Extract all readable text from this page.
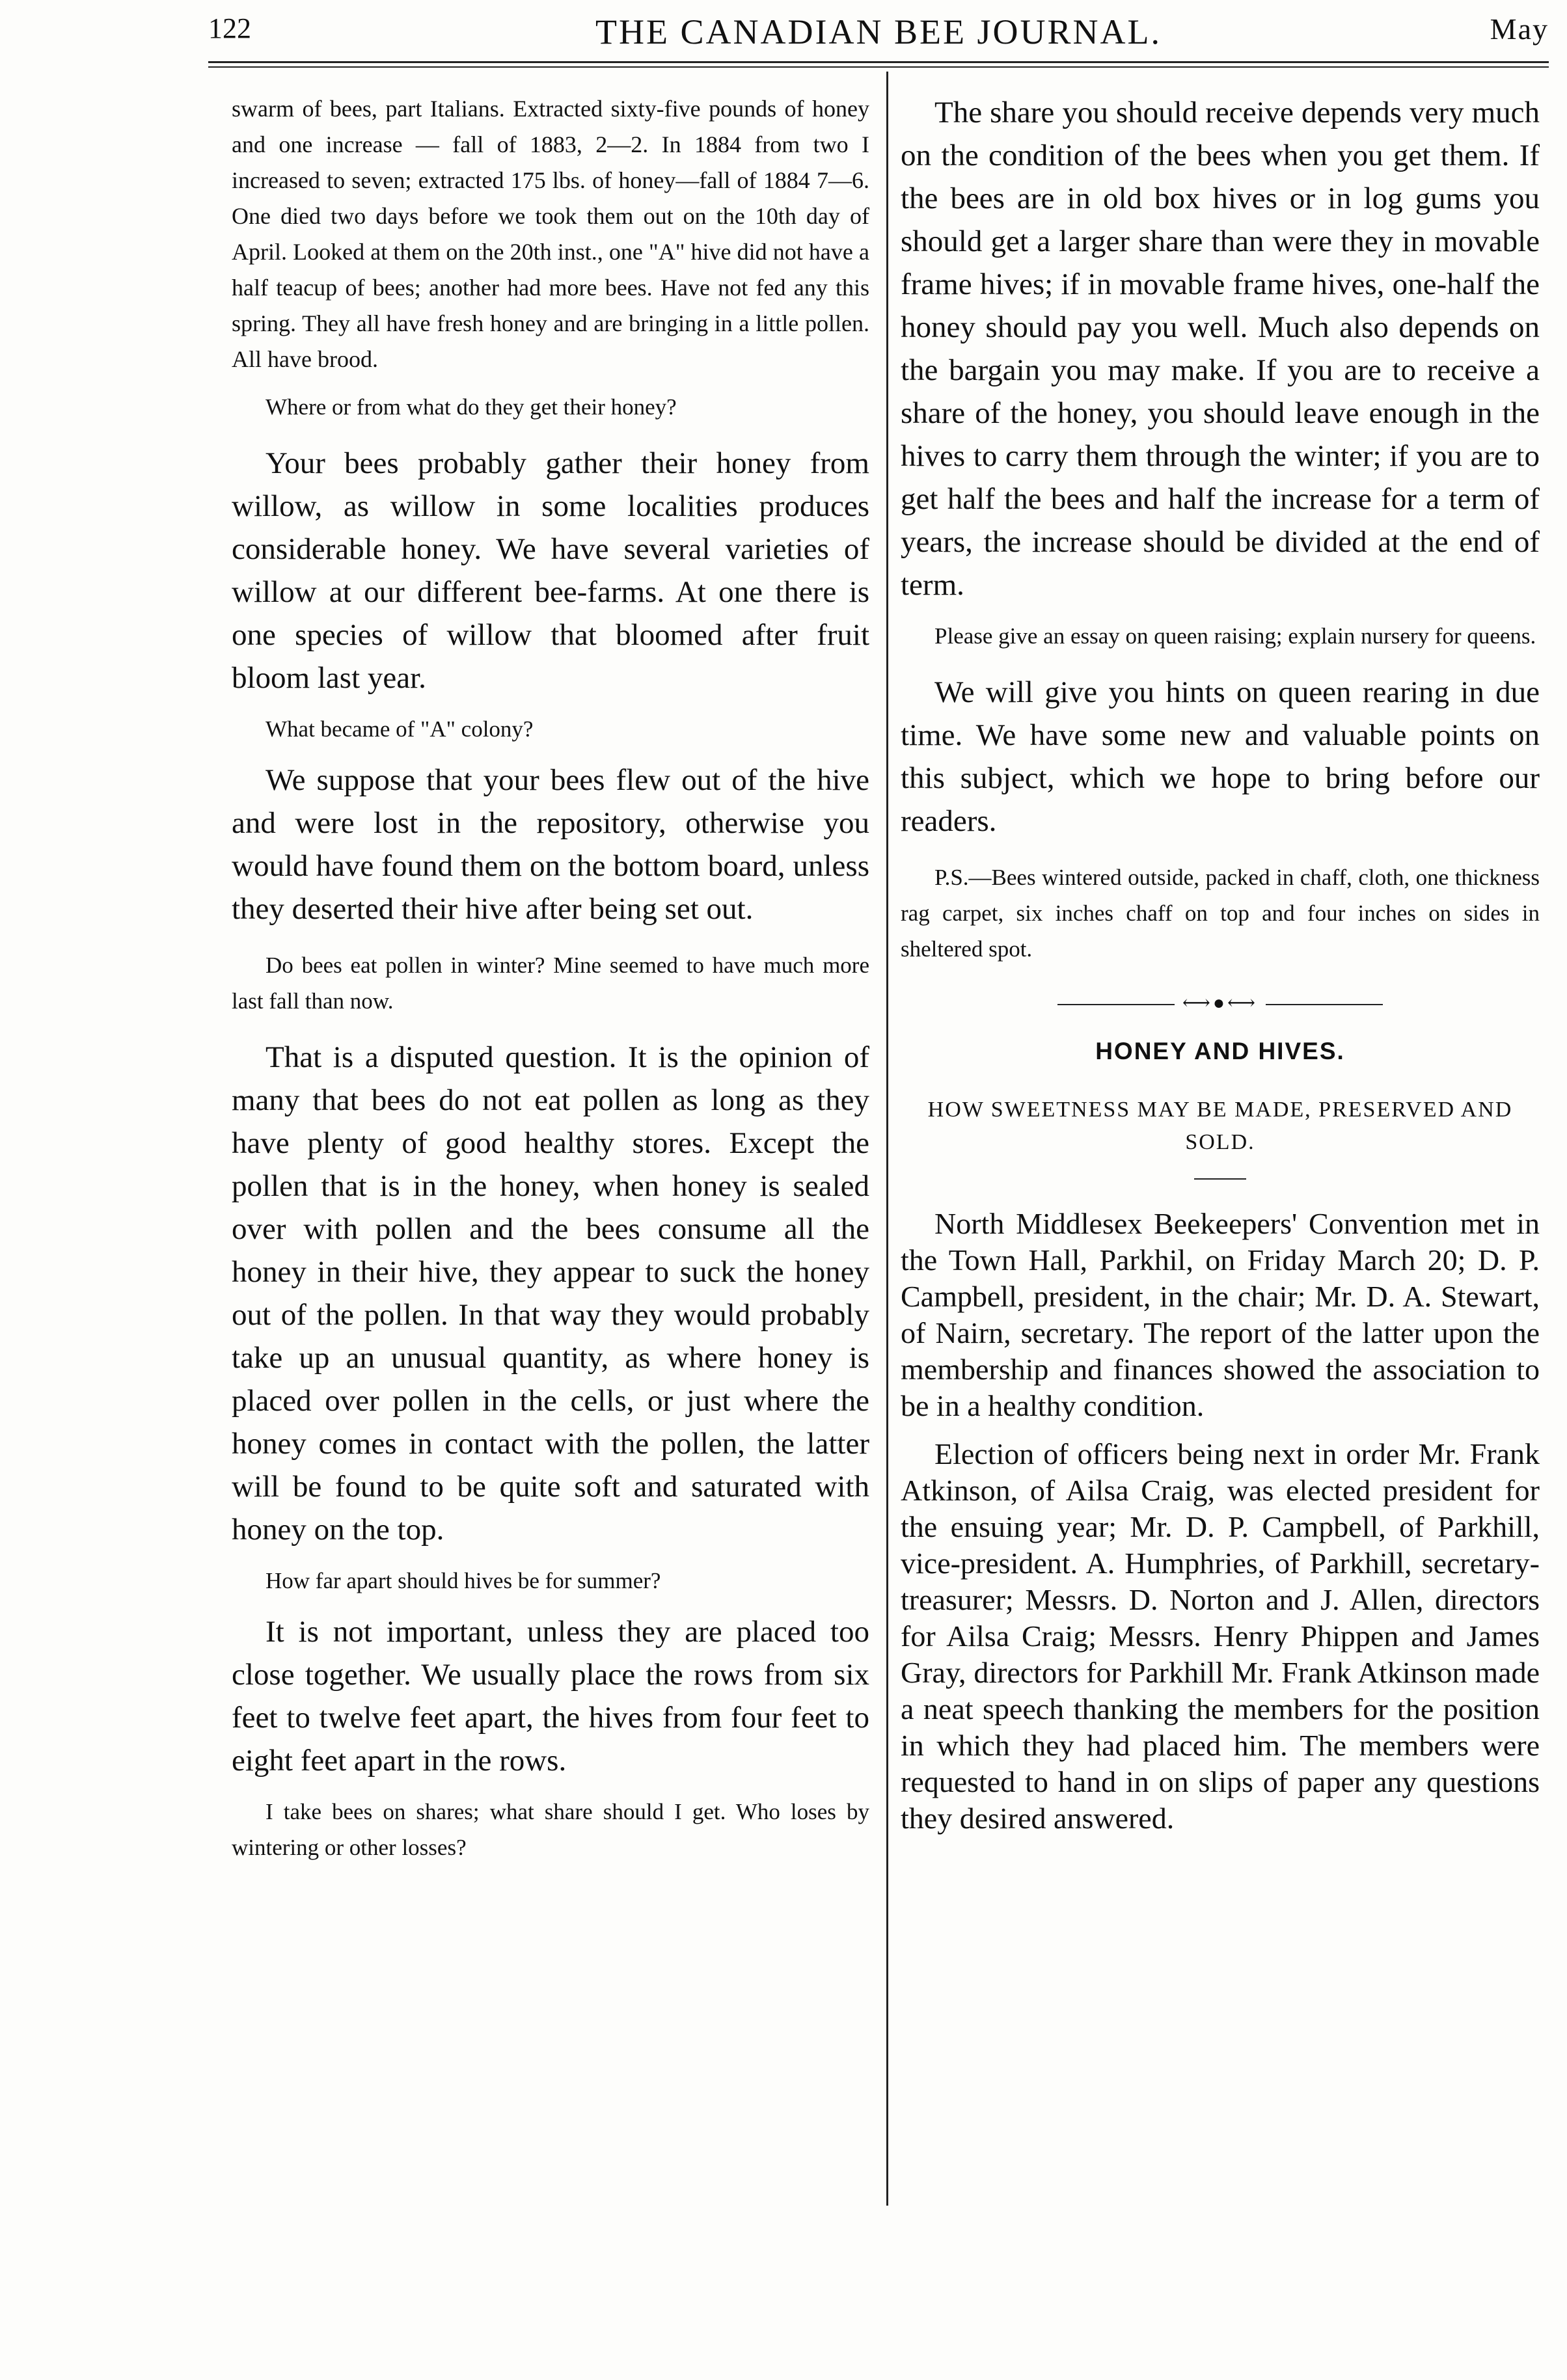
122	THE CANADIAN BEE JOURNAL.	May

swarm of bees, part Italians. Extracted sixty-five pounds of honey and one increase — fall of 1883, 2—2. In 1884 from two I increased to seven; extracted 175 lbs. of honey—fall of 1884 7—6. One died two days before we took them out on the 10th day of April. Looked at them on the 20th inst., one "A" hive did not have a half teacup of bees; another had more bees. Have not fed any this spring. They all have fresh honey and are bringing in a little pollen. All have brood.

Where or from what do they get their honey?

Your bees probably gather their honey from willow, as willow in some localities produces considerable honey. We have several varieties of willow at our different bee-farms. At one there is one species of willow that bloomed after fruit bloom last year.

What became of "A" colony?

We suppose that your bees flew out of the hive and were lost in the repository, otherwise you would have found them on the bottom board, unless they deserted their hive after being set out.

Do bees eat pollen in winter? Mine seemed to have much more last fall than now.

That is a disputed question. It is the opinion of many that bees do not eat pollen as long as they have plenty of good healthy stores. Except the pollen that is in the honey, when honey is sealed over with pollen and the bees consume all the honey in their hive, they appear to suck the honey out of the pollen. In that way they would probably take up an unusual quantity, as where honey is placed over pollen in the cells, or just where the honey comes in contact with the pollen, the latter will be found to be quite soft and saturated with honey on the top.

How far apart should hives be for summer?

It is not important, unless they are placed too close together. We usually place the rows from six feet to twelve feet apart, the hives from four feet to eight feet apart in the rows.

I take bees on shares; what share should I get. Who loses by wintering or other losses?

The share you should receive depends very much on the condition of the bees when you get them. If the bees are in old box hives or in log gums you should get a larger share than were they in movable frame hives; if in movable frame hives, one-half the honey should pay you well. Much also depends on the bargain you may make. If you are to receive a share of the honey, you should leave enough in the hives to carry them through the winter; if you are to get half the bees and half the increase for a term of years, the increase should be divided at the end of term.

Please give an essay on queen raising; explain nursery for queens.

We will give you hints on queen rearing in due time. We have some new and valuable points on this subject, which we hope to bring before our readers.

P.S.—Bees wintered outside, packed in chaff, cloth, one thickness rag carpet, six inches chaff on top and four inches on sides in sheltered spot.

⟷●⟷
HONEY AND HIVES.
HOW SWEETNESS MAY BE MADE, PRESERVED AND SOLD.

North Middlesex Beekeepers' Convention met in the Town Hall, Parkhil, on Friday March 20; D. P. Campbell, president, in the chair; Mr. D. A. Stewart, of Nairn, secretary. The report of the latter upon the membership and finances showed the association to be in a healthy condition.

Election of officers being next in order Mr. Frank Atkinson, of Ailsa Craig, was elected president for the ensuing year; Mr. D. P. Campbell, of Parkhill, vice-president. A. Humphries, of Parkhill, secretary-treasurer; Messrs. D. Norton and J. Allen, directors for Ailsa Craig; Messrs. Henry Phippen and James Gray, directors for Parkhill Mr. Frank Atkinson made a neat speech thanking the members for the position in which they had placed him. The members were requested to hand in on slips of paper any questions they desired answered.
